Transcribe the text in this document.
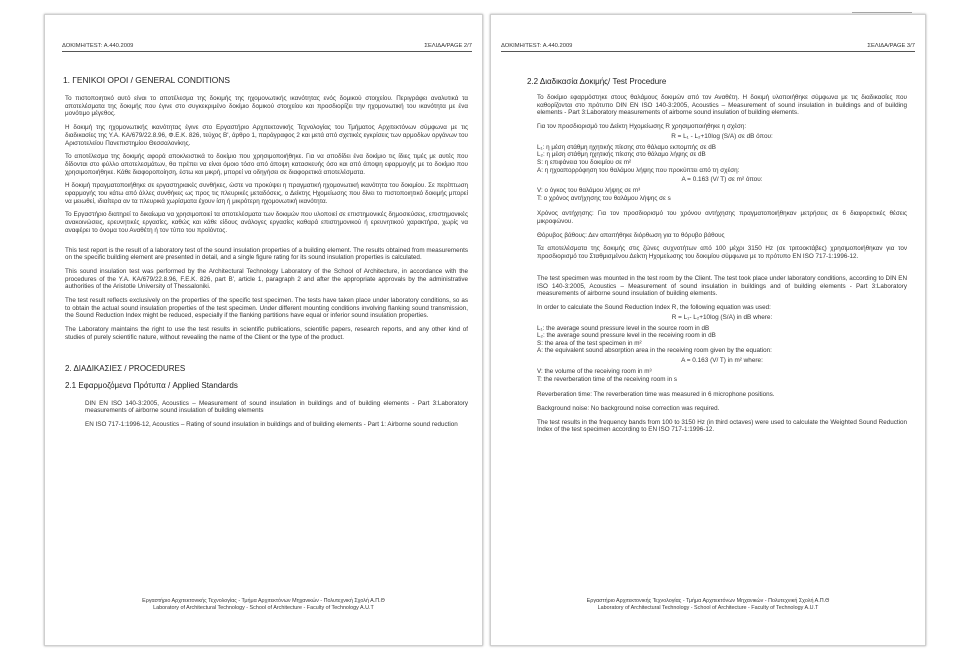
ΔΟΚΙΜΗ/TEST: Α.440.2009	ΣΕΛΙΔΑ/PAGE 2/7
1. ΓΕΝΙΚΟΙ ΟΡΟΙ / GENERAL CONDITIONS

Το πιστοποιητικό αυτό είναι το αποτέλεσμα της δοκιμής της ηχομονωτικής ικανότητας ενός δομικού στοιχείου. Περιγράφει αναλυτικά τα αποτελέσματα της δοκιμής που έγινε στο συγκεκριμένο δοκίμιο δομικού στοιχείου και προσδιορίζει την ηχομονωτική του ικανότητα με ένα μονότιμο μέγεθος.

Η δοκιμή της ηχομονωτικής ικανότητας έγινε στο Εργαστήριο Αρχιτεκτονικής Τεχνολογίας του Τμήματος Αρχιτεκτόνων σύμφωνα με τις διαδικασίες της Υ.Α. ΚΑ/679/22.8.96, Φ.Ε.Κ. 826, τεύχος Β', άρθρο 1, παράγραφος 2 και μετά από σχετικές εγκρίσεις των αρμοδίων οργάνων του Αριστοτελείου Πανεπιστημίου Θεσσαλονίκης.

Το αποτέλεσμα της δοκιμής αφορά αποκλειστικά το δοκίμιο που χρησιμοποιήθηκε. Για να αποδίδει ένα δοκίμιο τις ίδιες τιμές με αυτές που δίδονται στο φύλλο αποτελεσμάτων, θα πρέπει να είναι όμοιο τόσο από άποψη κατασκευής όσο και από άποψη εφαρμογής με το δοκίμιο που χρησιμοποιήθηκε. Κάθε διαφοροποίηση, έστω και μικρή, μπορεί να οδηγήσει σε διαφορετικά αποτελέσματα.

Η δοκιμή πραγματοποιήθηκε σε εργαστηριακές συνθήκες, ώστε να προκύψει η πραγματική ηχομονωτική ικανότητα του δοκιμίου. Σε περίπτωση εφαρμογής του κάτω από άλλες συνθήκες ως προς τις πλευρικές μεταδόσεις, ο Δείκτης Ηχομείωσης που δίνει το πιστοποιητικό δοκιμής μπορεί να μειωθεί, ιδιαίτερα αν τα πλευρικά χωρίσματα έχουν ίση ή μικρότερη ηχομονωτική ικανότητα.

Το Εργαστήριο διατηρεί το δικαίωμα να χρησιμοποιεί τα αποτελέσματα των δοκιμών που υλοποιεί σε επιστημονικές δημοσιεύσεις, επιστημονικές ανακοινώσεις, ερευνητικές εργασίες, καθώς και κάθε είδους ανάλογες εργασίες καθαρά επιστημονικού ή ερευνητικού χαρακτήρα, χωρίς να αναφέρει το όνομα του Αναθέτη ή τον τύπο του προϊόντος.

This test report is the result of a laboratory test of the sound insulation properties of a building element. The results obtained from measurements on the specific building element are presented in detail, and a single figure rating for its sound insulation properties is calculated.

This sound insulation test was performed by the Architectural Technology Laboratory of the School of Architecture, in accordance with the procedures of the Y.A. KA/679/22.8.96, F.E.K. 826, part B', article 1, paragraph 2 and after the appropriate approvals by the administrative authorities of the Aristotle University of Thessaloniki.

The test result reflects exclusively on the properties of the specific test specimen. The tests have taken place under laboratory conditions, so as to obtain the actual sound insulation properties of the test specimen. Under different mounting conditions involving flanking sound transmission, the Sound Reduction Index might be reduced, especially if the flanking partitions have equal or inferior sound insulation properties.

The Laboratory maintains the right to use the test results in scientific publications, scientific papers, research reports, and any other kind of studies of purely scientific nature, without revealing the name of the Client or the type of the product.

2. ΔΙΑΔΙΚΑΣΙΕΣ / PROCEDURES
2.1 Εφαρμοζόμενα Πρότυπα / Applied Standards

DIN EN ISO 140-3:2005, Acoustics – Measurement of sound insulation in buildings and of building elements - Part 3:Laboratory measurements of airborne sound insulation of building elements

EN ISO 717-1:1996-12, Acoustics – Rating of sound insulation in buildings and of building elements - Part 1: Airborne sound reduction

Εργαστήριο Αρχιτεκτονικής Τεχνολογίας - Τμήμα Αρχιτεκτόνων Μηχανικών - Πολυτεχνική Σχολή Α.Π.Θ
Laboratory of Architectural Technology - School of Architecture - Faculty of Technology A.U.T
ΔΟΚΙΜΗ/TEST: Α.440.2009	ΣΕΛΙΔΑ/PAGE 3/7
2.2 Διαδικασία Δοκιμής/ Test Procedure

Το δοκίμιο εφαρμόστηκε στους θαλάμους δοκιμών από τον Αναθέτη. Η δοκιμή υλοποιήθηκε σύμφωνα με τις διαδικασίες που καθορίζονται στο πρότυπο DIN EN ISO 140-3:2005, Acoustics – Measurement of sound insulation in buildings and of building elements - Part 3:Laboratory measurements of airborne sound insulation of building elements.

Για τον προσδιορισμό του Δείκτη Ηχομείωσης R χρησιμοποιήθηκε η σχέση:

R = L₁ - L₂+10log (S/A) σε dB όπου:
L₁: η μέση στάθμη ηχητικής πίεσης στο θάλαμο εκπομπής σε dB
L₂: η μέση στάθμη ηχητικής πίεσης στο θάλαμο λήψης σε dB
S: η επιφάνεια του δοκιμίου σε m²
A: η ηχοαπορρόφηση του θαλάμου λήψης που προκύπτει από τη σχέση:
A = 0.163 (V/ T) σε m² όπου:
V: ο όγκος του θαλάμου λήψης σε m³
T: ο χρόνος αντήχησης του θαλάμου λήψης σε s

Χρόνος αντήχησης: Για τον προσδιορισμό του χρόνου αντήχησης πραγματοποιήθηκαν μετρήσεις σε 6 διαφορετικές θέσεις μικροφώνου.

Θόρυβος βάθους: Δεν απαιτήθηκε διόρθωση για το θόρυβο βάθους

Τα αποτελέσματα της δοκιμής στις ζώνες συχνοτήτων από 100 μέχρι 3150 Hz (σε τριτοοκτάβες) χρησιμοποιήθηκαν για τον προσδιορισμό του Σταθμισμένου Δείκτη Ηχομείωσης του δοκιμίου σύμφωνα με το πρότυπο EN ISO 717-1:1996-12.

The test specimen was mounted in the test room by the Client. The test took place under laboratory conditions, according to DIN EN ISO 140-3:2005, Acoustics – Measurement of sound insulation in buildings and of building elements - Part 3:Laboratory measurements of airborne sound insulation of building elements.

In order to calculate the Sound Reduction Index R, the following equation was used:

R = L₁- L₂+10log (S/A) in dB where:
L₁: the average sound pressure level in the source room in dB
L₂: the average sound pressure level in the receiving room in dB
S: the area of the test specimen in m²
A: the equivalent sound absorption area in the receiving room given by the equation:
A = 0.163 (V/ T) in m² where:
V: the volume of the receiving room in m³
T: the reverberation time of the receiving room in s

Reverberation time: The reverberation time was measured in 6 microphone positions.

Background noise: No background noise correction was required.

The test results in the frequency bands from 100 to 3150 Hz (in third octaves) were used to calculate the Weighted Sound Reduction Index of the test specimen according to EN ISO 717-1:1996-12.

Εργαστήριο Αρχιτεκτονικής Τεχνολογίας - Τμήμα Αρχιτεκτόνων Μηχανικών - Πολυτεχνική Σχολή Α.Π.Θ
Laboratory of Architectural Technology - School of Architecture - Faculty of Technology A.U.T
